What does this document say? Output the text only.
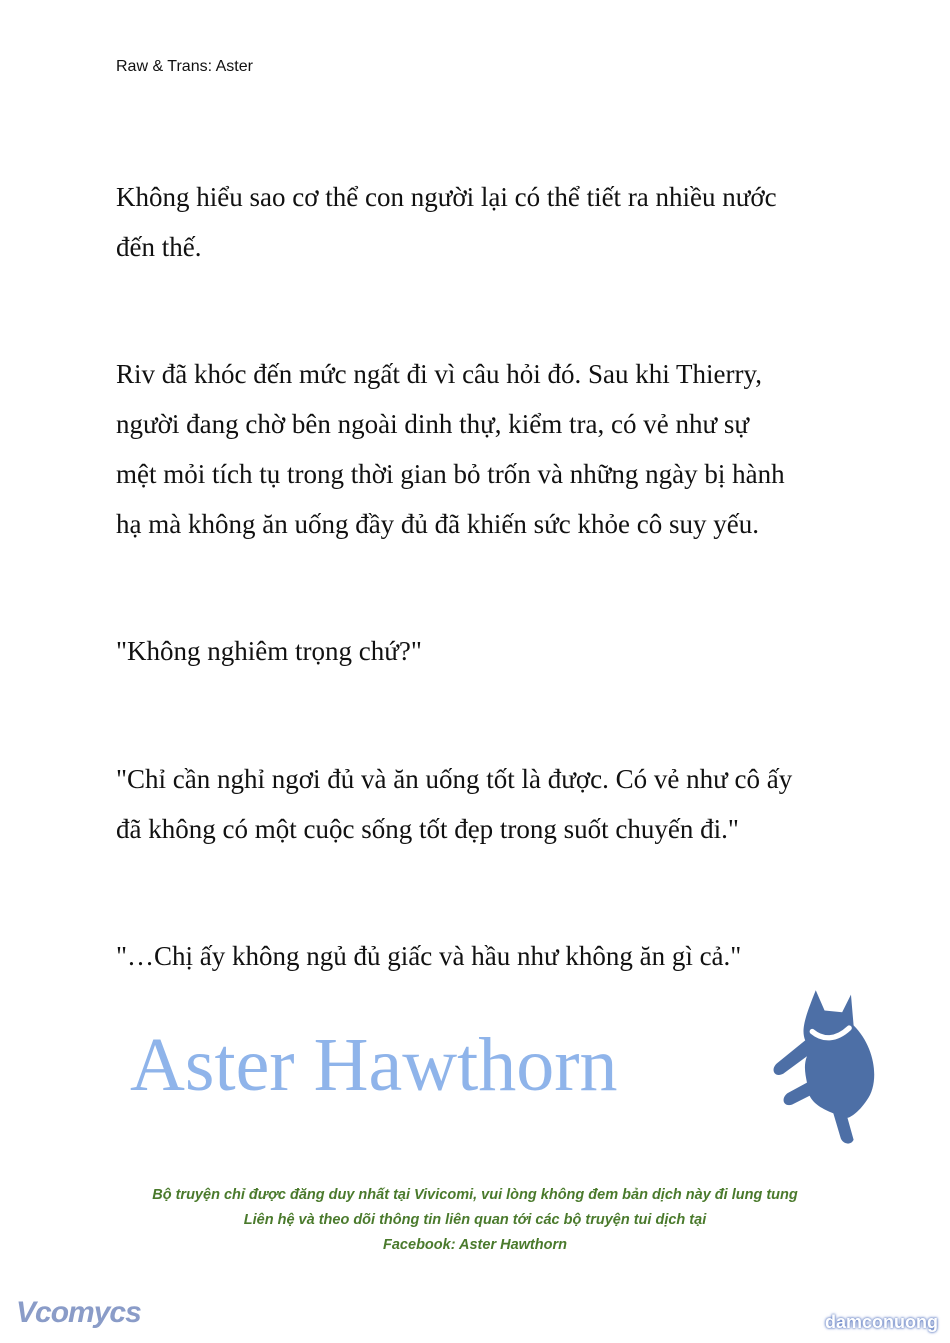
Raw & Trans: Aster
Không hiểu sao cơ thể con người lại có thể tiết ra nhiều nước
đến thế.
Riv đã khóc đến mức ngất đi vì câu hỏi đó. Sau khi Thierry,
người đang chờ bên ngoài dinh thự, kiểm tra, có vẻ như sự
mệt mỏi tích tụ trong thời gian bỏ trốn và những ngày bị hành
hạ mà không ăn uống đầy đủ đã khiến sức khỏe cô suy yếu.
"Không nghiêm trọng chứ?"
"Chỉ cần nghỉ ngơi đủ và ăn uống tốt là được. Có vẻ như cô ấy
đã không có một cuộc sống tốt đẹp trong suốt chuyến đi."
"…Chị ấy không ngủ đủ giấc và hầu như không ăn gì cả."
Aster Hawthorn
Bộ truyện chỉ được đăng duy nhất tại Vivicomi, vui lòng không đem bản dịch này đi lung tung
Liên hệ và theo dõi thông tin liên quan tới các bộ truyện tui dịch tại
Facebook: Aster Hawthorn
Vcomycs	damconuong
